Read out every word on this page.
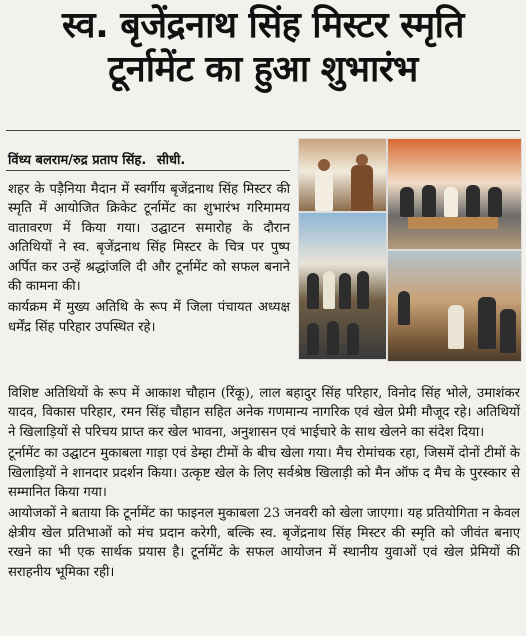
स्व. बृजेंद्रनाथ सिंह मिस्टर स्मृति
टूर्नामेंट का हुआ शुभारंभ
विंध्य बलराम/रुद्र प्रताप सिंह. सीधी.

शहर के पड़ैनिया मैदान में स्वर्गीय बृजेंद्रनाथ सिंह मिस्टर की स्मृति में आयोजित क्रिकेट टूर्नामेंट का शुभारंभ गरिमामय वातावरण में किया गया। उद्घाटन समारोह के दौरान अतिथियों ने स्व. बृजेंद्रनाथ सिंह मिस्टर के चित्र पर पुष्प अर्पित कर उन्हें श्रद्धांजलि दी और टूर्नामेंट को सफल बनाने की कामना की।

कार्यक्रम में मुख्य अतिथि के रूप में जिला पंचायत अध्यक्ष धर्मेंद्र सिंह परिहार उपस्थित रहे।

विशिष्ट अतिथियों के रूप में आकाश चौहान (रिंकू), लाल बहादुर सिंह परिहार, विनोद सिंह भोले, उमाशंकर यादव, विकास परिहार, रमन सिंह चौहान सहित अनेक गणमान्य नागरिक एवं खेल प्रेमी मौजूद रहे। अतिथियों ने खिलाड़ियों से परिचय प्राप्त कर खेल भावना, अनुशासन एवं भाईचारे के साथ खेलने का संदेश दिया।

टूर्नामेंट का उद्घाटन मुकाबला गाड़ा एवं डेम्हा टीमों के बीच खेला गया। मैच रोमांचक रहा, जिसमें दोनों टीमों के खिलाड़ियों ने शानदार प्रदर्शन किया। उत्कृष्ट खेल के लिए सर्वश्रेष्ठ खिलाड़ी को मैन ऑफ द मैच के पुरस्कार से सम्मानित किया गया।

आयोजकों ने बताया कि टूर्नामेंट का फाइनल मुकाबला 23 जनवरी को खेला जाएगा। यह प्रतियोगिता न केवल क्षेत्रीय खेल प्रतिभाओं को मंच प्रदान करेगी, बल्कि स्व. बृजेंद्रनाथ सिंह मिस्टर की स्मृति को जीवंत बनाए रखने का भी एक सार्थक प्रयास है। टूर्नामेंट के सफल आयोजन में स्थानीय युवाओं एवं खेल प्रेमियों की सराहनीय भूमिका रही।
